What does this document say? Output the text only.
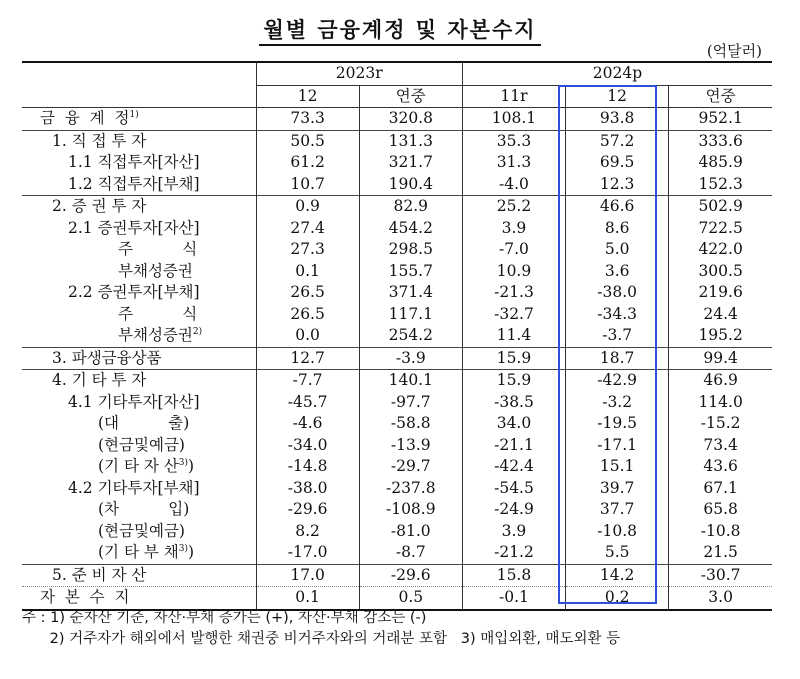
월별 금융계정 및 자본수지
(억달러)
	2023r		2024p		
	12	연중	11r	12	연중
금  융  계  정$^{1)}$	73.3	320.8	108.1	93.8	952.1
1. 직 접 투 자	50.5	131.3	35.3	57.2	333.6
1.1 직접투자[자산]	61.2	321.7	31.3	69.5	485.9
1.2 직접투자[부채]	10.7	190.4	-4.0	12.3	152.3
2. 증 권 투 자	0.9	82.9	25.2	46.6	502.9
2.1 증권투자[자산]	27.4	454.2	3.9	8.6	722.5
주          식	27.3	298.5	-7.0	5.0	422.0
부채성증권	0.1	155.7	10.9	3.6	300.5
2.2 증권투자[부채]	26.5	371.4	-21.3	-38.0	219.6
주          식	26.5	117.1	-32.7	-34.3	24.4
부채성증권$^{2)}$	0.0	254.2	11.4	-3.7	195.2
3. 파생금융상품	12.7	-3.9	15.9	18.7	99.4
4. 기 타 투 자	-7.7	140.1	15.9	-42.9	46.9
4.1 기타투자[자산]	-45.7	-97.7	-38.5	-3.2	114.0
(대          출)	-4.6	-58.8	34.0	-19.5	-15.2
(현금및예금)	-34.0	-13.9	-21.1	-17.1	73.4
(기 타 자 산$^{3)}$)	-14.8	-29.7	-42.4	15.1	43.6
4.2 기타투자[부채]	-38.0	-237.8	-54.5	39.7	67.1
(차          입)	-29.6	-108.9	-24.9	37.7	65.8
(현금및예금)	8.2	-81.0	3.9	-10.8	-10.8
(기 타 부 채$^{3)}$)	-17.0	-8.7	-21.2	5.5	21.5
5. 준 비 자 산	17.0	-29.6	15.8	14.2	-30.7
자  본  수  지	0.1	0.5	-0.1	0.2	3.0
주 : 1) 순자산 기준, 자산·부채 증가는 (+), 자산·부채 감소는 (-)
2) 거주자가 해외에서 발행한 채권중 비거주자와의 거래분 포함   3) 매입외환, 매도외환 등
